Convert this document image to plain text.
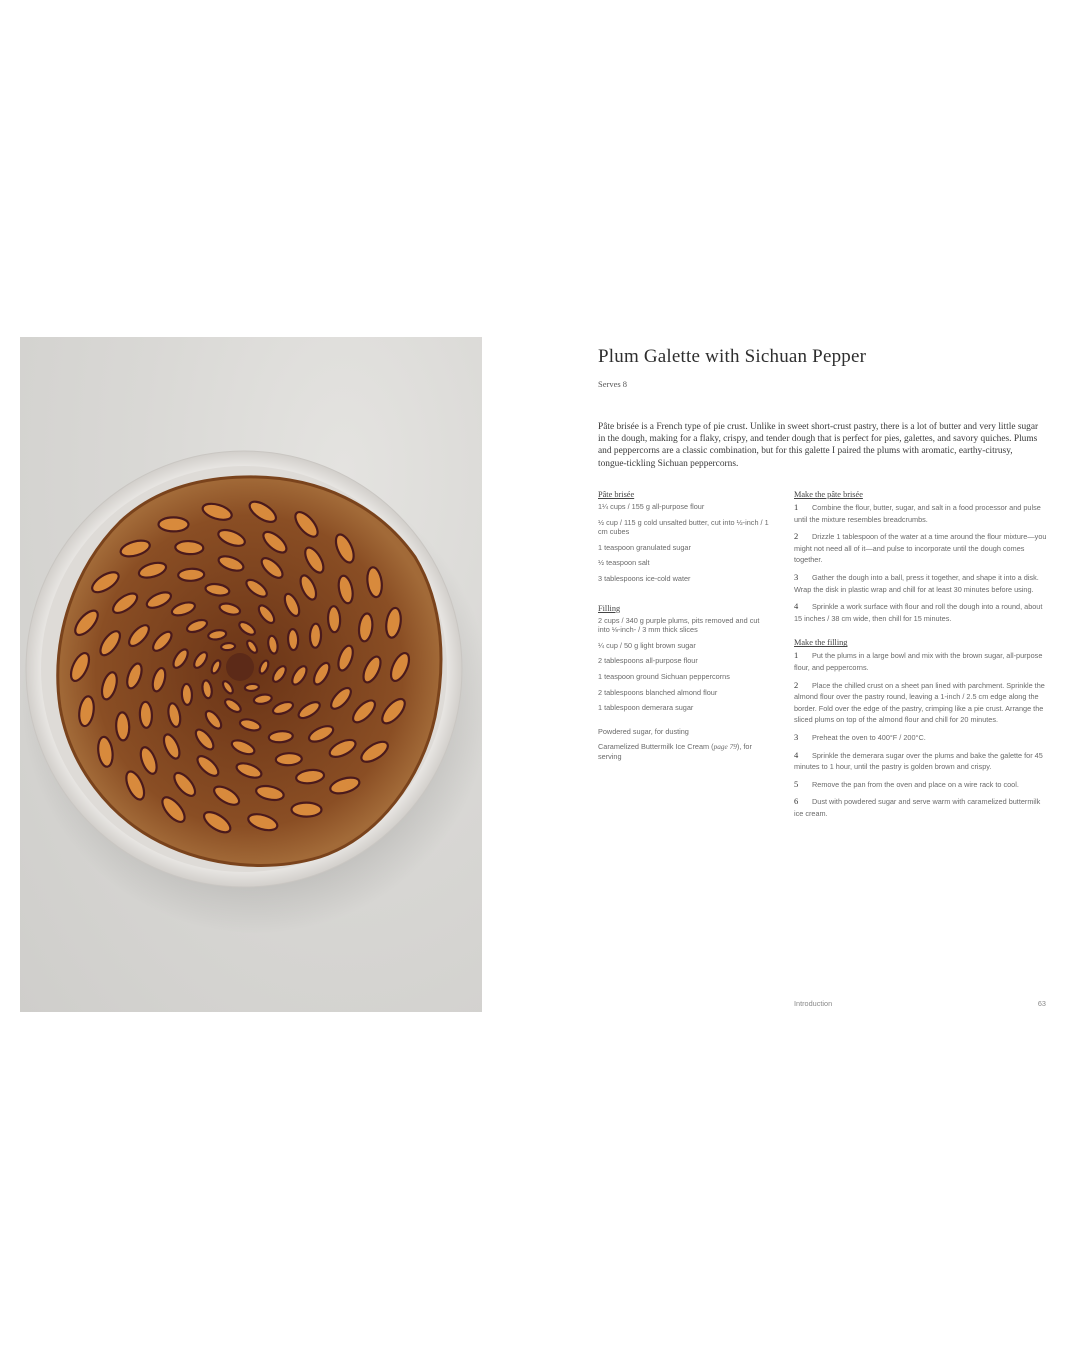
Plum Galette with Sichuan Pepper
Serves 8
Pâte brisée is a French type of pie crust. Unlike in sweet short-crust pastry, there is a lot of butter and very little sugar in the dough, making for a flaky, crispy, and tender dough that is perfect for pies, galettes, and savory quiches. Plums and peppercorns are a classic combination, but for this galette I paired the plums with aromatic, earthy-citrusy, tongue-tickling Sichuan peppercorns.
Pâte brisée
1¼ cups / 155 g all-purpose flour
½ cup / 115 g cold unsalted butter, cut into ½-inch / 1 cm cubes
1 teaspoon granulated sugar
½ teaspoon salt
3 tablespoons ice-cold water
Filling
2 cups / 340 g purple plums, pits removed and cut into ⅛-inch- / 3 mm thick slices
¼ cup / 50 g light brown sugar
2 tablespoons all-purpose flour
1 teaspoon ground Sichuan peppercorns
2 tablespoons blanched almond flour
1 tablespoon demerara sugar
Powdered sugar, for dusting
Caramelized Buttermilk Ice Cream (page 79), for serving
Make the pâte brisée
1 Combine the flour, butter, sugar, and salt in a food processor and pulse until the mixture resembles breadcrumbs.
2 Drizzle 1 tablespoon of the water at a time around the flour mixture—you might not need all of it—and pulse to incorporate until the dough comes together.
3 Gather the dough into a ball, press it together, and shape it into a disk. Wrap the disk in plastic wrap and chill for at least 30 minutes before using.
4 Sprinkle a work surface with flour and roll the dough into a round, about 15 inches / 38 cm wide, then chill for 15 minutes.
Make the filling
1 Put the plums in a large bowl and mix with the brown sugar, all-purpose flour, and peppercorns.
2 Place the chilled crust on a sheet pan lined with parchment. Sprinkle the almond flour over the pastry round, leaving a 1-inch / 2.5 cm edge along the border. Fold over the edge of the pastry, crimping like a pie crust. Arrange the sliced plums on top of the almond flour and chill for 20 minutes.
3 Preheat the oven to 400°F / 200°C.
4 Sprinkle the demerara sugar over the plums and bake the galette for 45 minutes to 1 hour, until the pastry is golden brown and crispy.
5 Remove the pan from the oven and place on a wire rack to cool.
6 Dust with powdered sugar and serve warm with caramelized buttermilk ice cream.
Introduction	63
